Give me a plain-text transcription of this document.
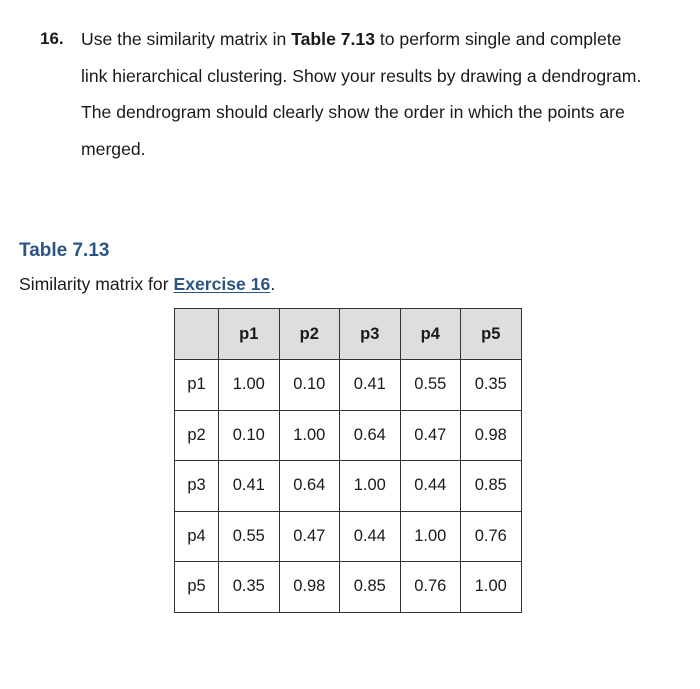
16. Use the similarity matrix in Table 7.13 to perform single and complete
link hierarchical clustering. Show your results by drawing a dendrogram.
The dendrogram should clearly show the order in which the points are
merged.
Table 7.13
Similarity matrix for Exercise 16.
	p1	p2	p3	p4	p5
p1	1.00	0.10	0.41	0.55	0.35
p2	0.10	1.00	0.64	0.47	0.98
p3	0.41	0.64	1.00	0.44	0.85
p4	0.55	0.47	0.44	1.00	0.76
p5	0.35	0.98	0.85	0.76	1.00
